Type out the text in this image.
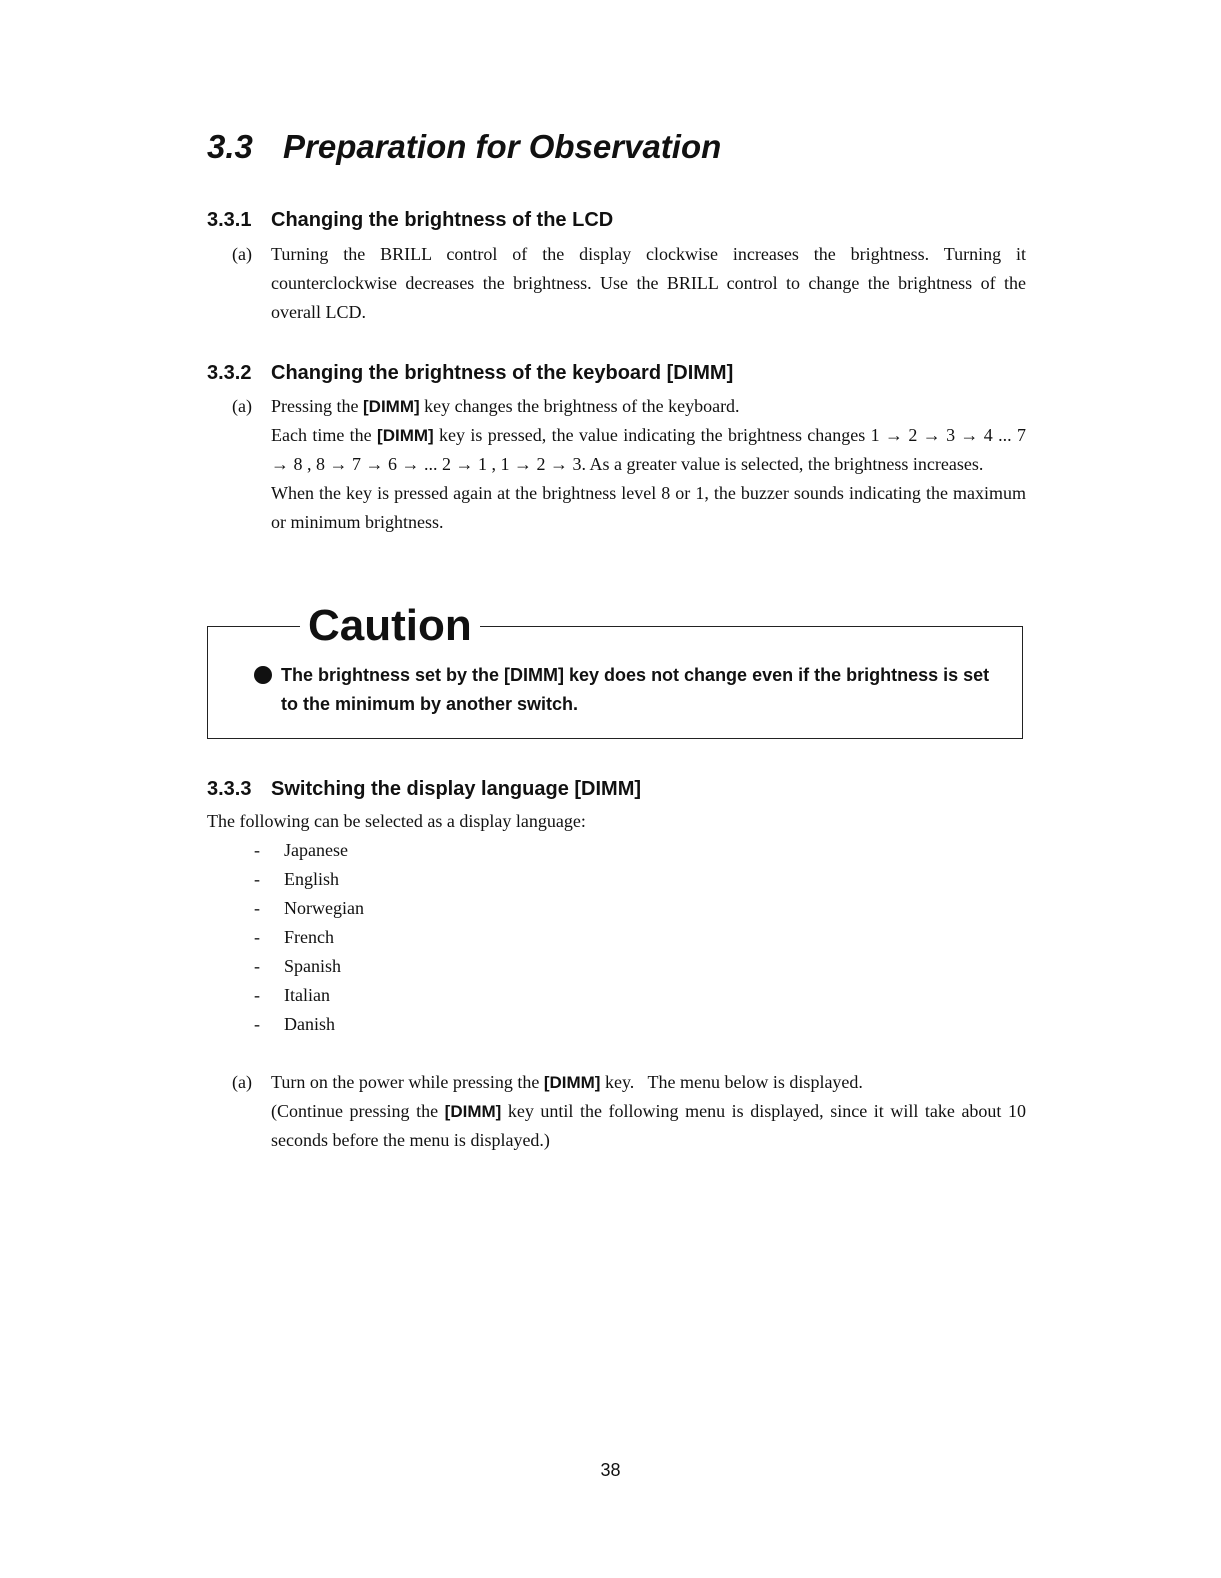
3.3 Preparation for Observation
3.3.1 Changing the brightness of the LCD

(a) Turning the BRILL control of the display clockwise increases the brightness. Turning it counterclockwise decreases the brightness. Use the BRILL control to change the brightness of the overall LCD.

3.3.2 Changing the brightness of the keyboard [DIMM]

(a) Pressing the [DIMM] key changes the brightness of the keyboard.
Each time the [DIMM] key is pressed, the value indicating the brightness changes 1 → 2 → 3 → 4 ... 7 → 8 , 8 → 7 → 6 → ... 2 → 1 , 1 → 2 → 3. As a greater value is selected, the brightness increases.
When the key is pressed again at the brightness level 8 or 1, the buzzer sounds indicating the maximum or minimum brightness.
Caution

The brightness set by the [DIMM] key does not change even if the brightness is set to the minimum by another switch.

3.3.3 Switching the display language [DIMM]

The following can be selected as a display language:

- Japanese
- English
- Norwegian
- French
- Spanish
- Italian
- Danish

(a) Turn on the power while pressing the [DIMM] key.   The menu below is displayed.
(Continue pressing the [DIMM] key until the following menu is displayed, since it will take about 10 seconds before the menu is displayed.)
38
